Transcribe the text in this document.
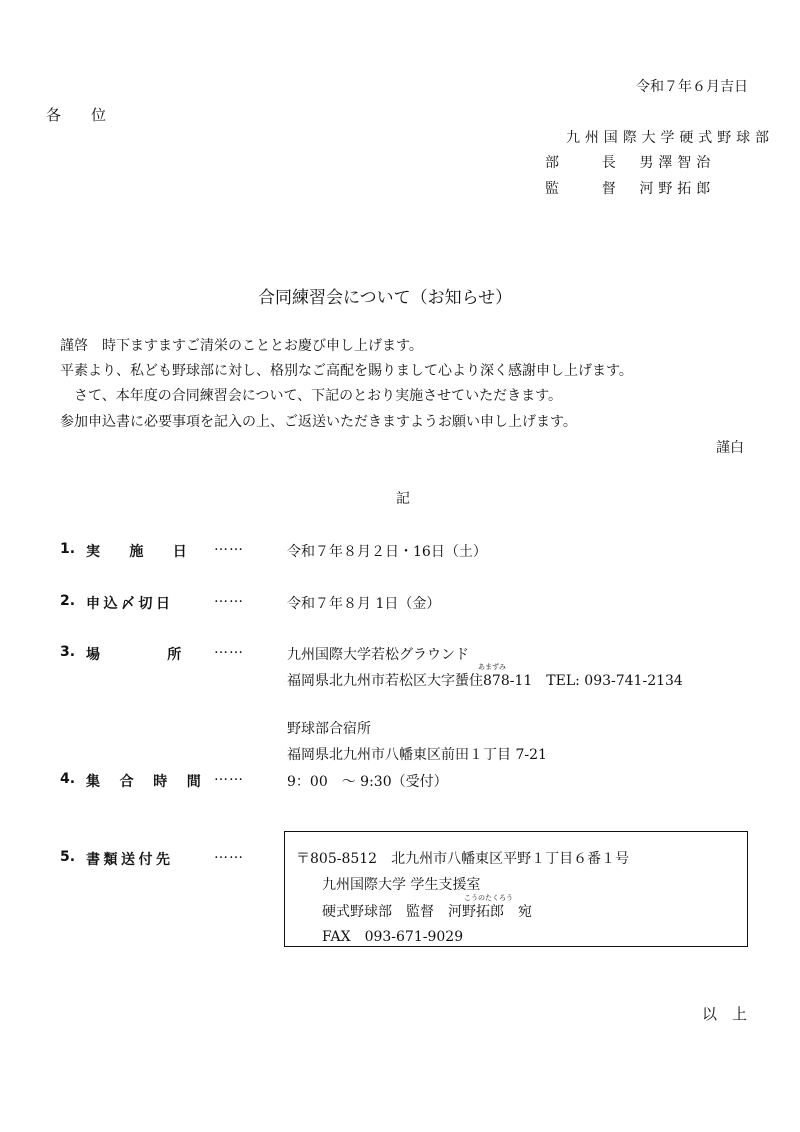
令和７年６月吉日
各　　位
九州国際大学硬式野球部
部　　長　男澤智治
監　　督　河野拓郎
合同練習会について（お知らせ）
謹啓　時下ますますご清栄のこととお慶び申し上げます。
平素より、私ども野球部に対し、格別なご高配を賜りまして心より深く感謝申し上げます。
　さて、本年度の合同練習会について、下記のとおり実施させていただきます。
参加申込書に必要事項を記入の上、ご返送いただきますようお願い申し上げます。
謹白
記
1. 実　施　日 ……	令和７年８月２日・16日（土）
2. 申込〆切日	……	令和７年８月 1日（金）
3. 場　　　所 ……	九州国際大学若松グラウンド
あまずみ
福岡県北九州市若松区大字蜑住878-11　TEL: 093-741-2134
野球部合宿所
福岡県北九州市八幡東区前田１丁目 7-21
4. 集　合　時　間 ……	9：00　～ 9:30（受付）
5. 書類送付先	……	〒805-8512　北九州市八幡東区平野１丁目６番１号
九州国際大学 学生支援室
こうのたくろう
硬式野球部　監督　河野拓郎　宛
FAX　093-671-9029
以　上
